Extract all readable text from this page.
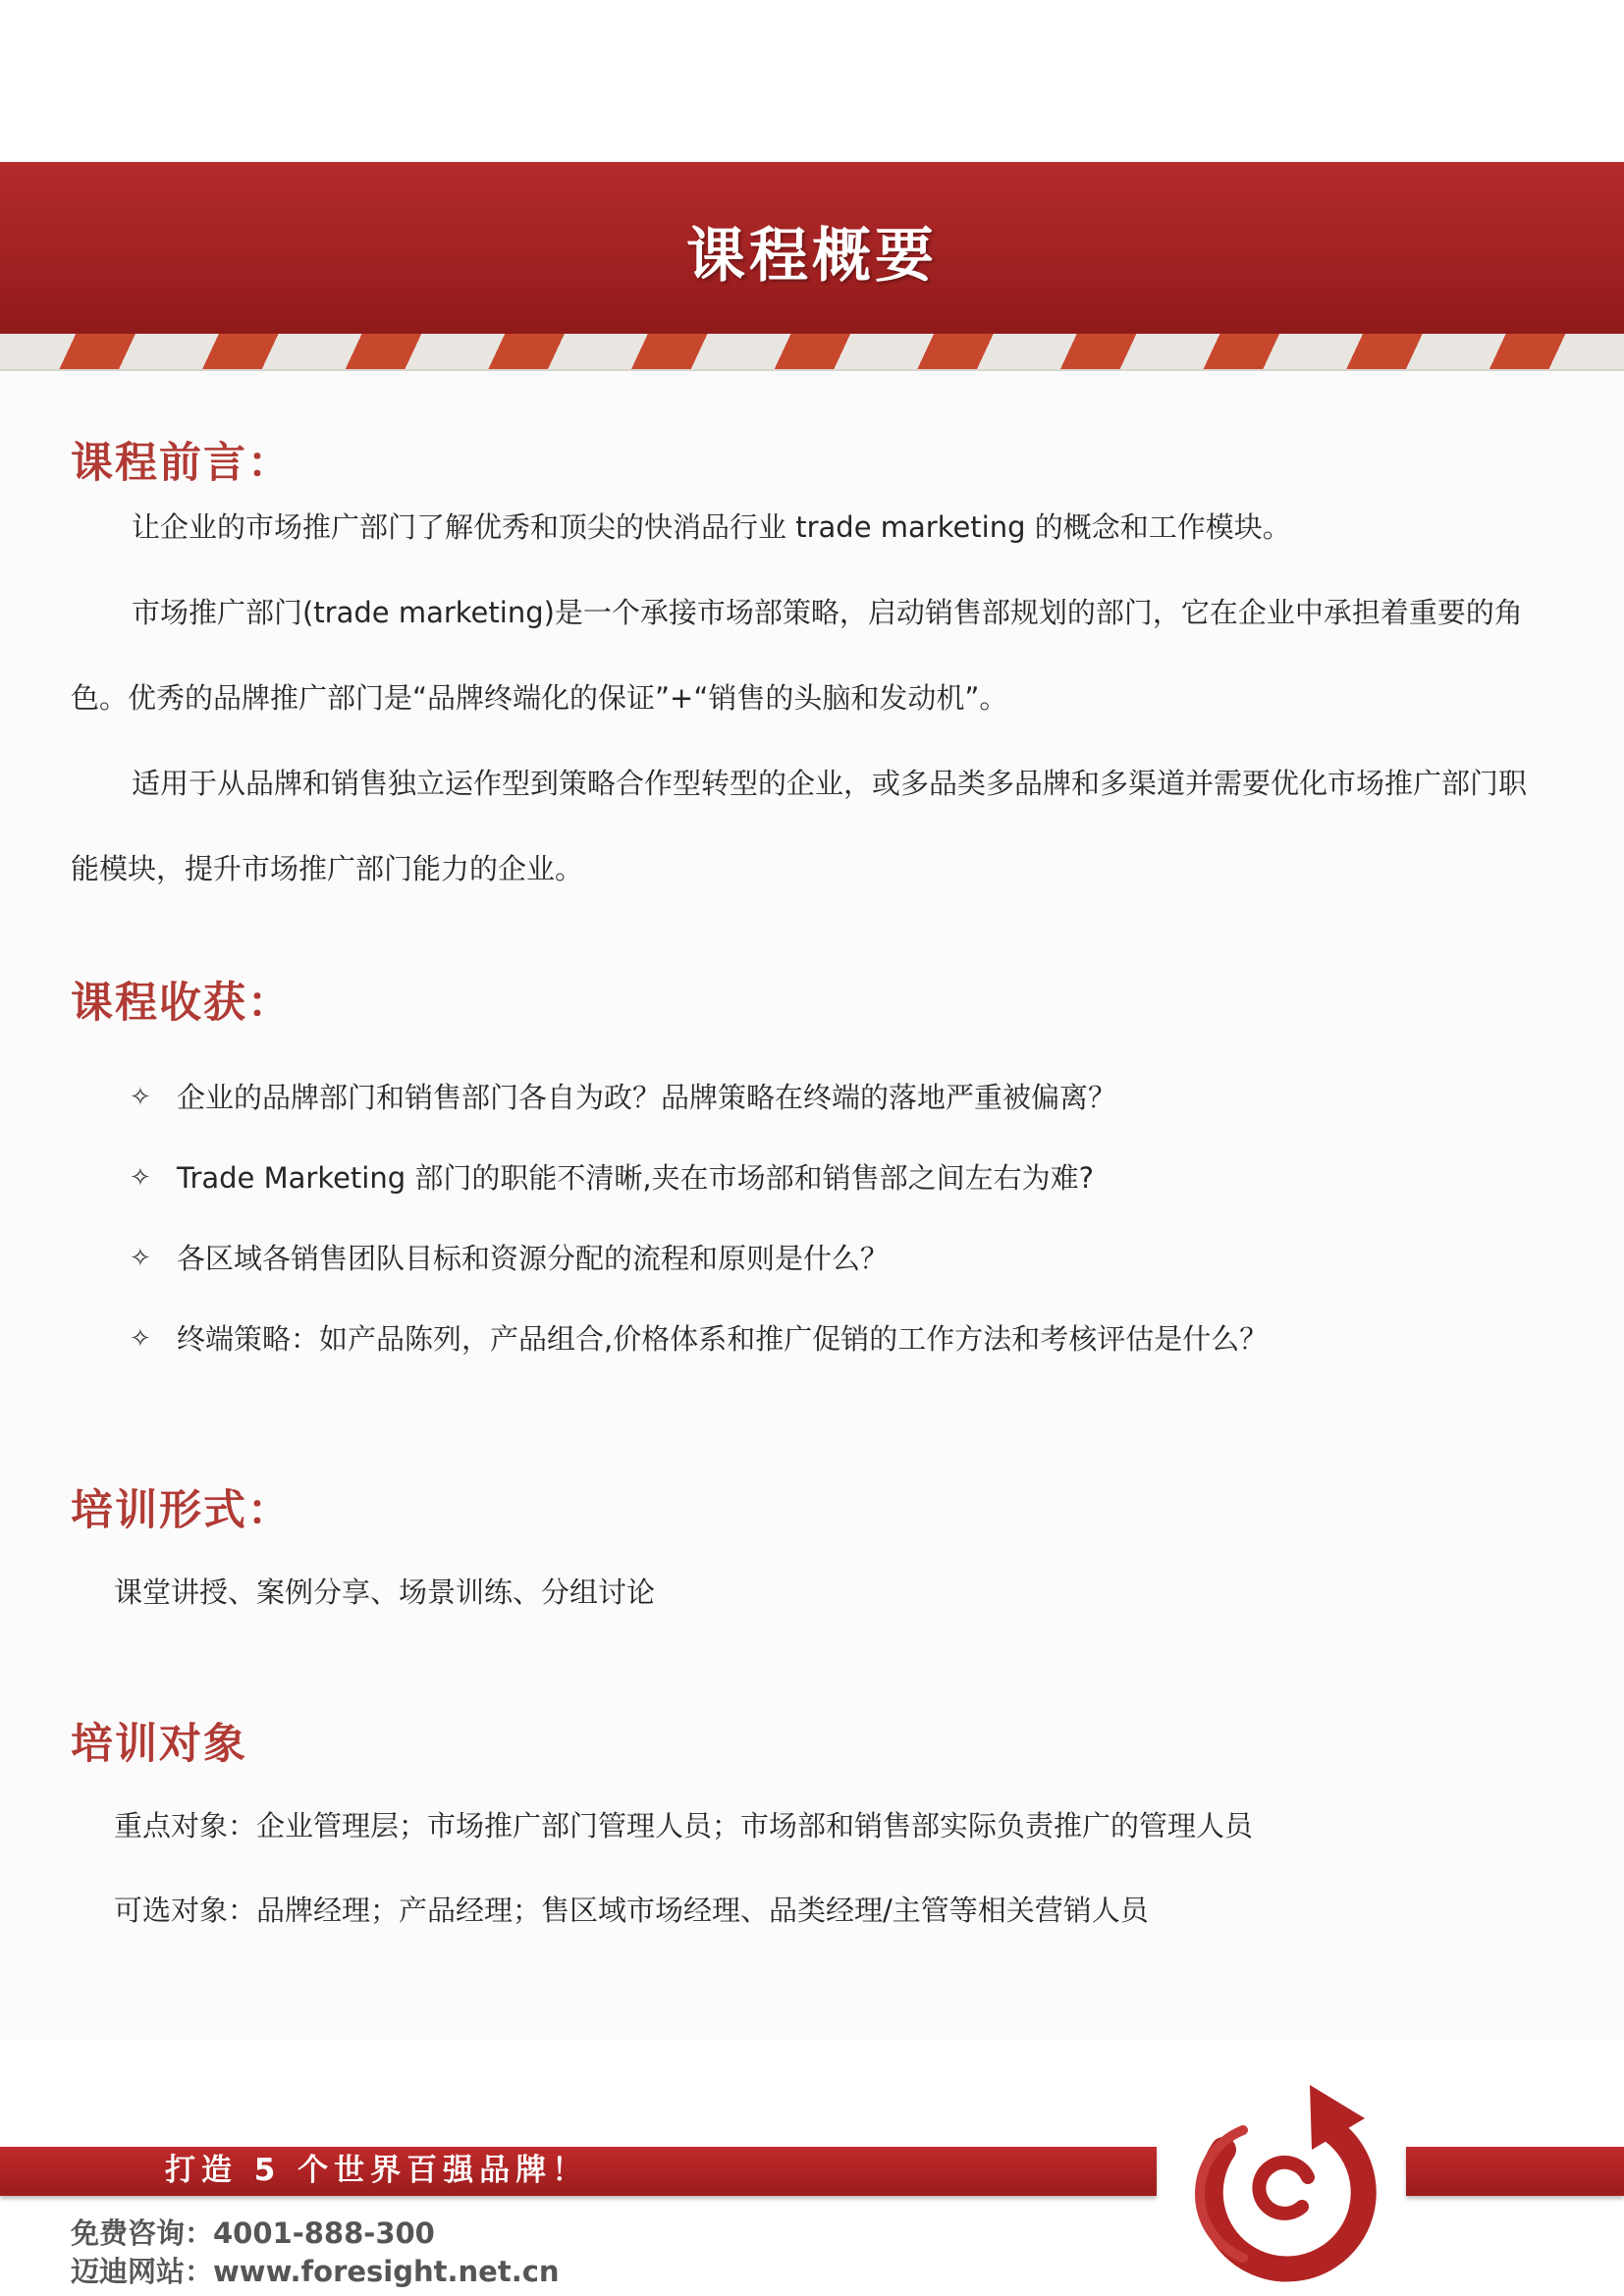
课程概要
课程前言：

让企业的市场推广部门了解优秀和顶尖的快消品行业 trade marketing 的概念和工作模块。

市场推广部门(trade marketing)是一个承接市场部策略，启动销售部规划的部门，它在企业中承担着重要的角色。优秀的品牌推广部门是“品牌终端化的保证”+“销售的头脑和发动机”。

适用于从品牌和销售独立运作型到策略合作型转型的企业，或多品类多品牌和多渠道并需要优化市场推广部门职能模块，提升市场推广部门能力的企业。

课程收获：
✧ 企业的品牌部门和销售部门各自为政？品牌策略在终端的落地严重被偏离？
✧ Trade Marketing 部门的职能不清晰,夹在市场部和销售部之间左右为难?
✧ 各区域各销售团队目标和资源分配的流程和原则是什么？
✧ 终端策略：如产品陈列，产品组合,价格体系和推广促销的工作方法和考核评估是什么？
培训形式：
课堂讲授、案例分享、场景训练、分组讨论
培训对象
重点对象：企业管理层；市场推广部门管理人员；市场部和销售部实际负责推广的管理人员
可选对象：品牌经理；产品经理；售区域市场经理、品类经理/主管等相关营销人员
打造 5 个世界百强品牌！
免费咨询：4001-888-300
迈迪网站：www.foresight.net.cn
